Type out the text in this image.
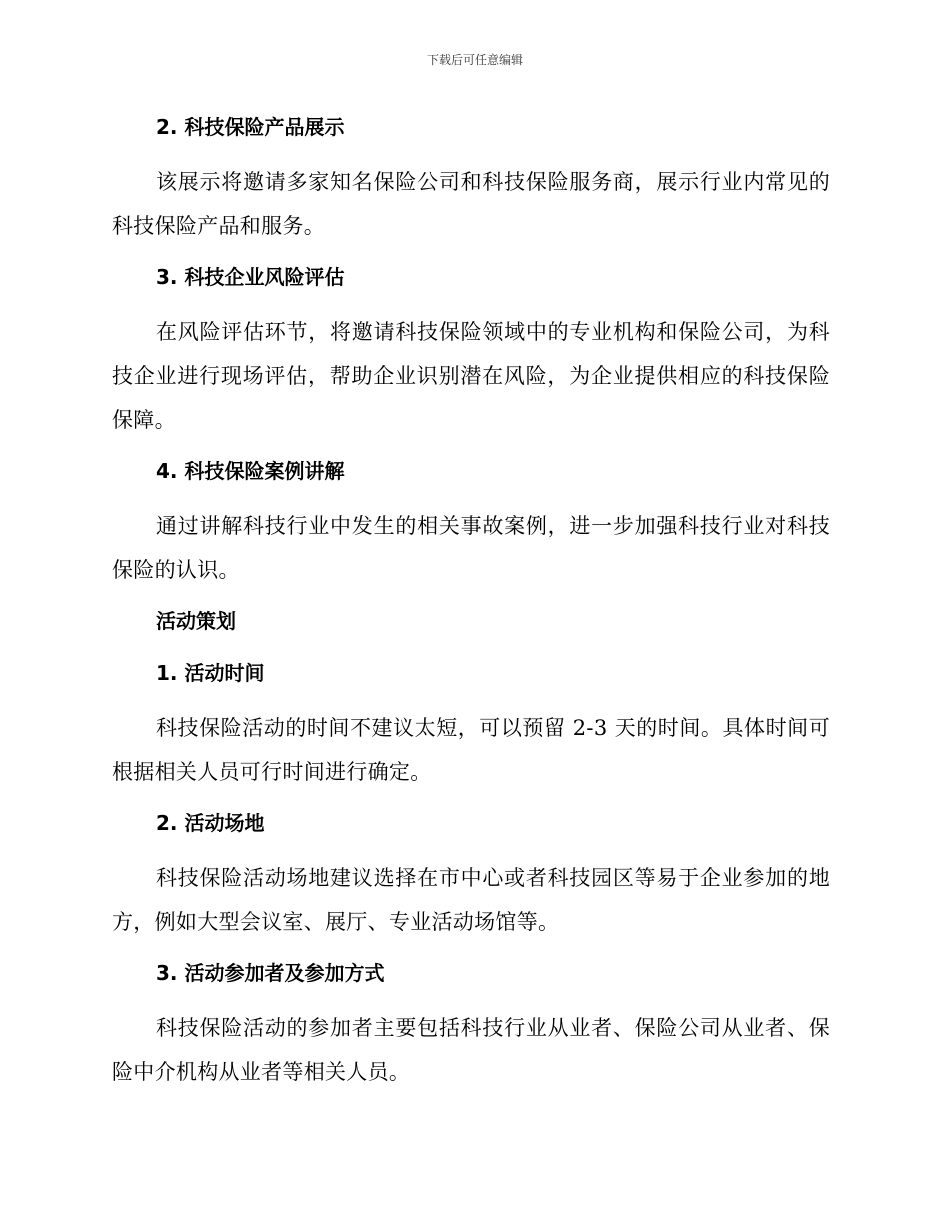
下载后可任意编辑
2. 科技保险产品展示

该展示将邀请多家知名保险公司和科技保险服务商，展示行业内常见的科技保险产品和服务。

3. 科技企业风险评估

在风险评估环节，将邀请科技保险领域中的专业机构和保险公司，为科技企业进行现场评估，帮助企业识别潜在风险，为企业提供相应的科技保险保障。

4. 科技保险案例讲解

通过讲解科技行业中发生的相关事故案例，进一步加强科技行业对科技保险的认识。

活动策划
1. 活动时间

科技保险活动的时间不建议太短，可以预留 2-3 天的时间。具体时间可根据相关人员可行时间进行确定。

2. 活动场地

科技保险活动场地建议选择在市中心或者科技园区等易于企业参加的地方，例如大型会议室、展厅、专业活动场馆等。

3. 活动参加者及参加方式

科技保险活动的参加者主要包括科技行业从业者、保险公司从业者、保险中介机构从业者等相关人员。
